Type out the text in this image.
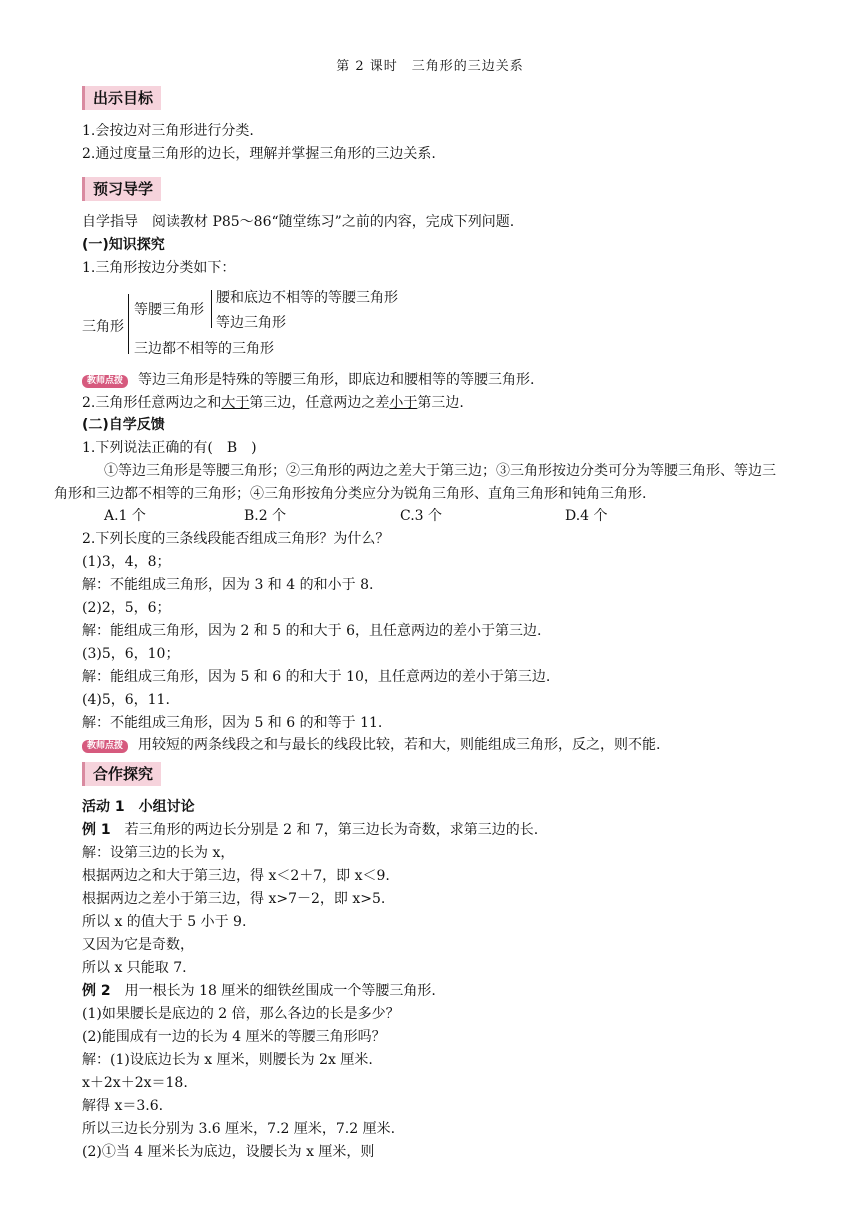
第 2 课时　三角形的三边关系
出示目标
1.会按边对三角形进行分类.
2.通过度量三角形的边长，理解并掌握三角形的三边关系.
预习导学
自学指导　阅读教材 P85～86“随堂练习”之前的内容，完成下列问题.
(一)知识探究
1.三角形按边分类如下：
三角形
等腰三角形
腰和底边不相等的等腰三角形
等边三角形
三边都不相等的三角形
教师点拨 等边三角形是特殊的等腰三角形，即底边和腰相等的等腰三角形.
2.三角形任意两边之和大于第三边，任意两边之差小于第三边.
(二)自学反馈
1.下列说法正确的有(　B　)
①等边三角形是等腰三角形；②三角形的两边之差大于第三边；③三角形按边分类可分为等腰三角形、等边三
角形和三边都不相等的三角形；④三角形按角分类应分为锐角三角形、直角三角形和钝角三角形.
A.1 个	B.2 个	C.3 个	D.4 个
2.下列长度的三条线段能否组成三角形？为什么？
(1)3，4，8；
解：不能组成三角形，因为 3 和 4 的和小于 8.
(2)2，5，6；
解：能组成三角形，因为 2 和 5 的和大于 6，且任意两边的差小于第三边.
(3)5，6，10；
解：能组成三角形，因为 5 和 6 的和大于 10，且任意两边的差小于第三边.
(4)5，6，11.
解：不能组成三角形，因为 5 和 6 的和等于 11.
教师点拨 用较短的两条线段之和与最长的线段比较，若和大，则能组成三角形，反之，则不能.
合作探究
活动 1　小组讨论
例 1　 若三角形的两边长分别是 2 和 7，第三边长为奇数，求第三边的长.
解：设第三边的长为 x，
根据两边之和大于第三边，得 x＜2＋7，即 x＜9.
根据两边之差小于第三边，得 x>7－2，即 x>5.
所以 x 的值大于 5 小于 9.
又因为它是奇数，
所以 x 只能取 7.
例 2　 用一根长为 18 厘米的细铁丝围成一个等腰三角形.
(1)如果腰长是底边的 2 倍，那么各边的长是多少？
(2)能围成有一边的长为 4 厘米的等腰三角形吗？
解：(1)设底边长为 x 厘米，则腰长为 2x 厘米.
x＋2x＋2x＝18.
解得 x＝3.6.
所以三边长分别为 3.6 厘米，7.2 厘米，7.2 厘米.
(2)①当 4 厘米长为底边，设腰长为 x 厘米，则
